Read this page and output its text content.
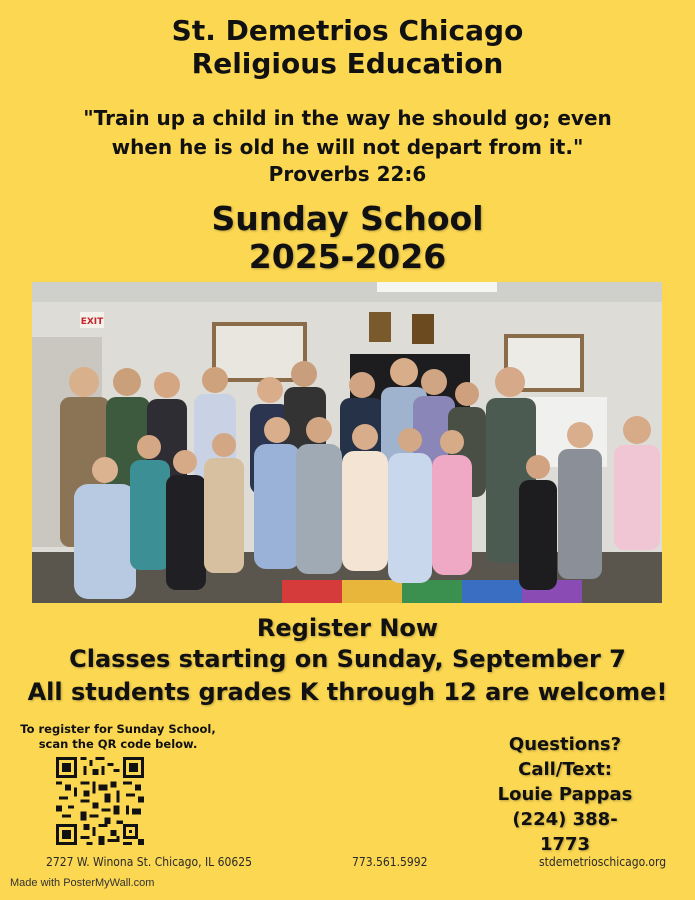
St. Demetrios Chicago
Religious Education
"Train up a child in the way he should go; even
when he is old he will not depart from it."
Proverbs 22:6
Sunday School
2025-2026
EXIT
Register Now
Classes starting on Sunday, September 7
All students grades K through 12 are welcome!
To register for Sunday School,
scan the QR code below.	Questions?
Call/Text:
Louie Pappas
(224) 388-1773
2727 W. Winona St. Chicago, IL 60625	773.561.5992	stdemetrioschicago.org
Made with PosterMyWall.com
